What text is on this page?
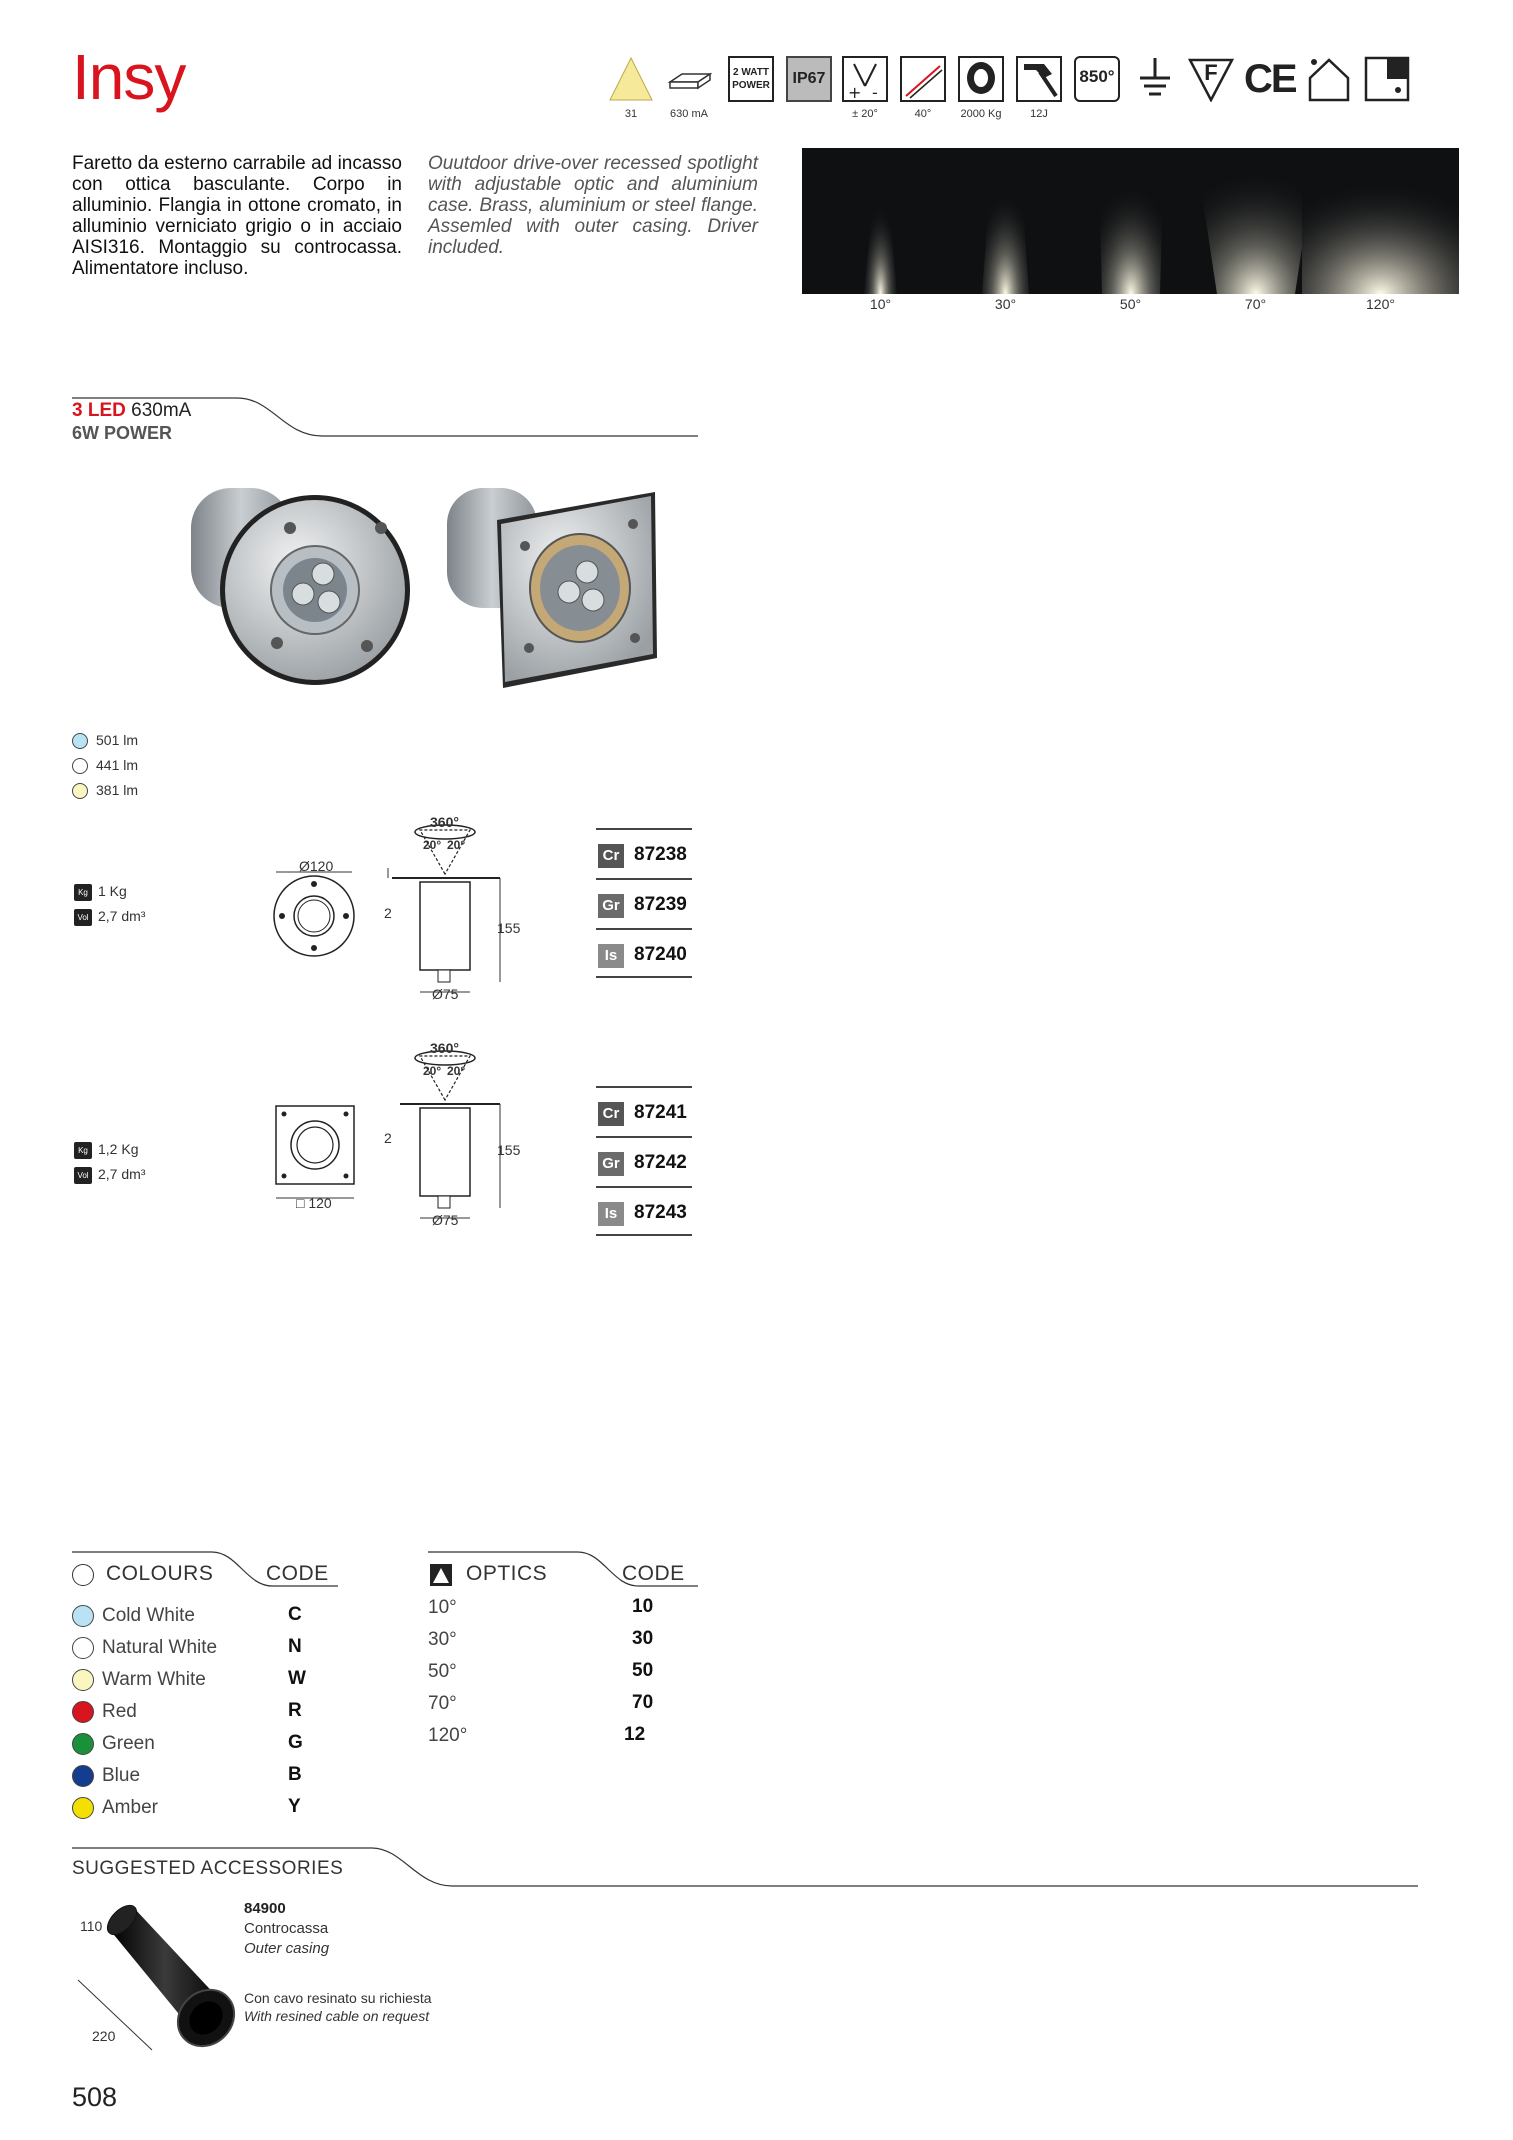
Insy
31	630 mA
2 WATT POWER	IP67
+ -
± 20°	40°	2000 Kg	12J
850°	F CE
Faretto da esterno carrabile ad incasso con ottica basculante. Corpo in alluminio. Flangia in ottone cromato, in alluminio verniciato grigio o in acciaio AISI316. Montaggio su controcassa. Alimentatore incluso.
Ouutdoor drive-over recessed spotlight with adjustable optic and aluminium case. Brass, aluminium or steel flange. Assemled with outer casing. Driver included.
10°	30°	50°	70°	120°
3 LED 630mA
6W POWER
501 lm
441 lm
381 lm
Kg 1 Kg
Vol 2,7 dm³
Ø120
2
155
Ø75
360°
20° 20°
Cr 87238
Gr 87239
Is 87240
Kg 1,2 Kg
Vol 2,7 dm³
□ 120
2
155
Ø75
360°
20° 20°
Cr 87241
Gr 87242
Is 87243
COLOURS	CODE
Cold White	C
Natural White	N
Warm White	W
Red	R
Green	G
Blue	B
Amber	Y
OPTICS	CODE
10°	10
30°	30
50°	50
70°	70
120°	12
SUGGESTED ACCESSORIES
110
220
84900
Controcassa
Outer casing
Con cavo resinato su richiesta
With resined cable on request
508
